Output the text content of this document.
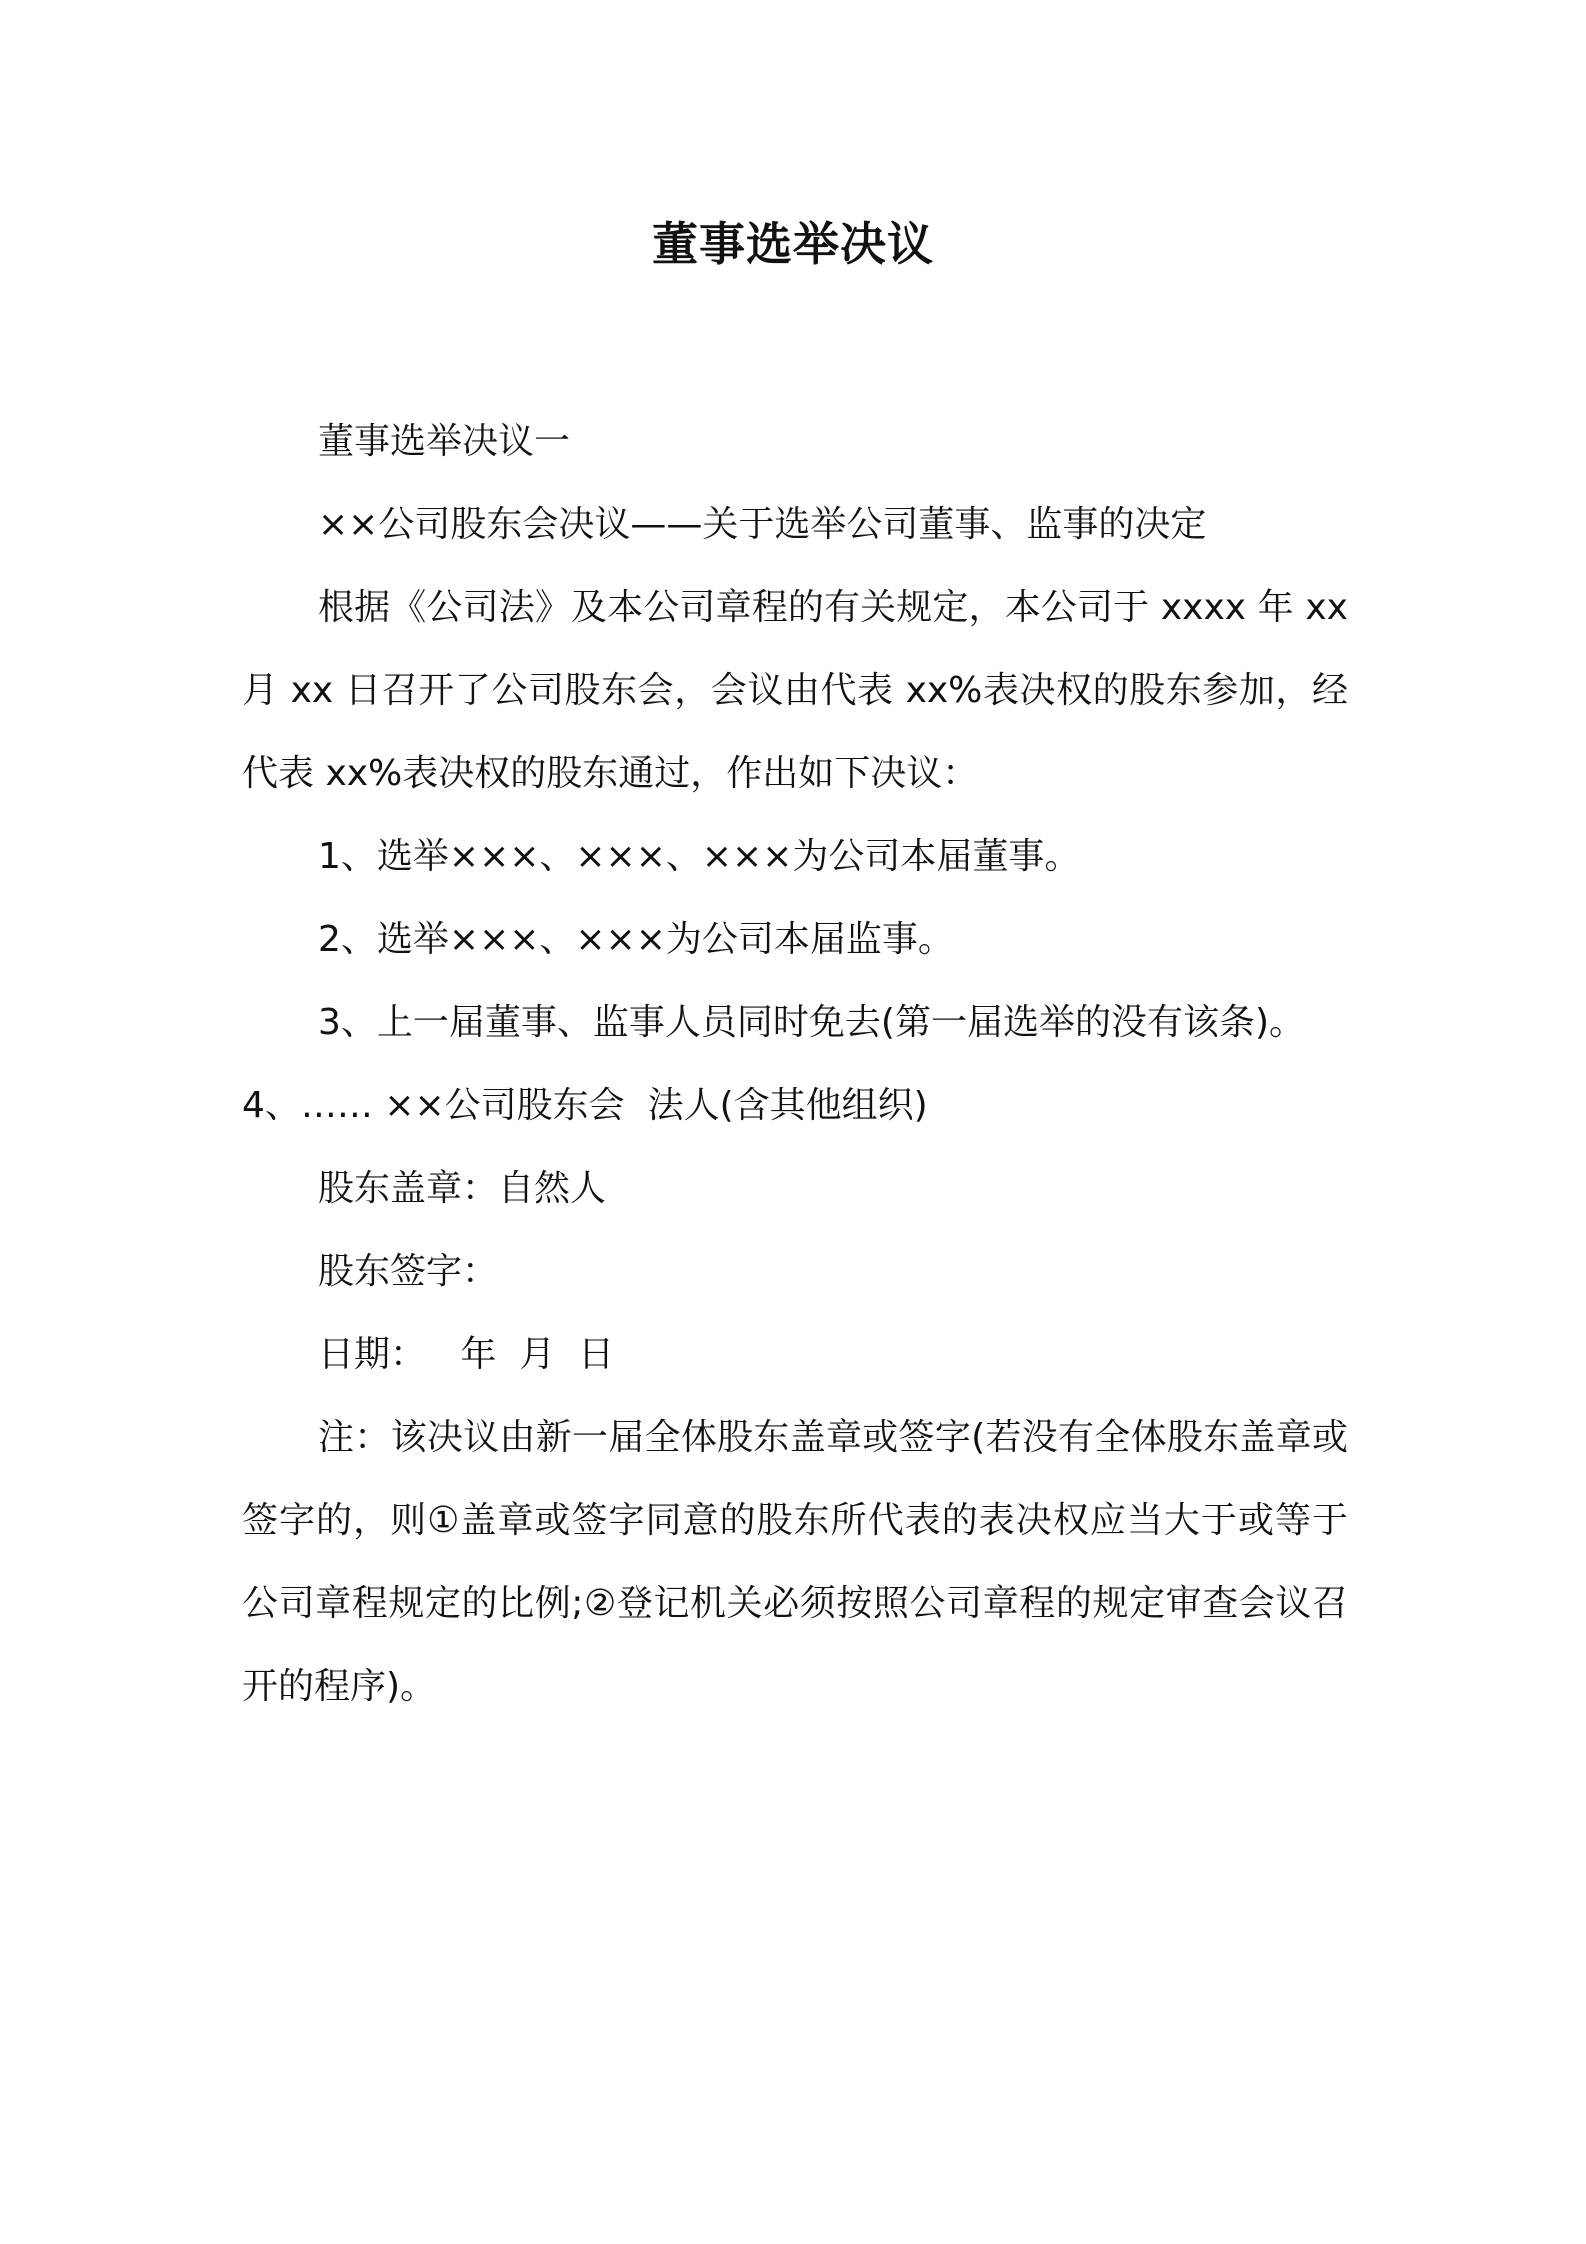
董事选举决议

董事选举决议一

××公司股东会决议——关于选举公司董事、监事的决定

根据《公司法》及本公司章程的有关规定，本公司于 xxxx 年 xx 月 xx 日召开了公司股东会，会议由代表 xx%表决权的股东参加，经代表 xx%表决权的股东通过，作出如下决议：

1、选举×××、×××、×××为公司本届董事。

2、选举×××、×××为公司本届监事。

3、上一届董事、监事人员同时免去(第一届选举的没有该条)。

4、…… ××公司股东会  法人(含其他组织)

股东盖章：自然人

股东签字：

日期：   年  月  日

注：该决议由新一届全体股东盖章或签字(若没有全体股东盖章或签字的，则①盖章或签字同意的股东所代表的表决权应当大于或等于公司章程规定的比例;②登记机关必须按照公司章程的规定审查会议召开的程序)。
